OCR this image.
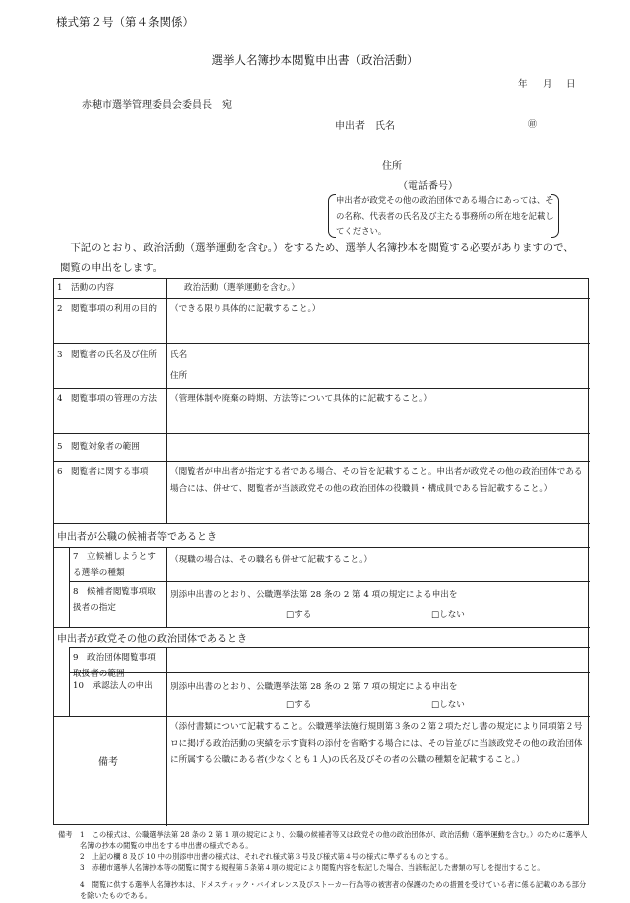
様式第２号（第４条関係）
選挙人名簿抄本閲覧申出書（政治活動）
年 月 日
赤穂市選挙管理委員会委員長　宛
申出者　氏名	㊞
住所
（電話番号）
申出者が政党その他の政治団体である場合にあっては、その名称、代表者の氏名及び主たる事務所の所在地を記載してください。
下記のとおり、政治活動（選挙運動を含む。）をするため、選挙人名簿抄本を閲覧する必要がありますので、閲覧の申出をします。
1　活動の内容	政治活動（選挙運動を含む。）
2　閲覧事項の利用の目的	（できる限り具体的に記載すること。）
3　閲覧者の氏名及び住所	氏名
住所
4　閲覧事項の管理の方法	（管理体制や廃棄の時期、方法等について具体的に記載すること。）
5　閲覧対象者の範囲
6　閲覧者に関する事項	（閲覧者が申出者が指定する者である場合、その旨を記載すること。申出者が政党その他の政治団体である場合には、併せて、閲覧者が当該政党その他の政治団体の役職員・構成員である旨記載すること。）
申出者が公職の候補者等であるとき
7　立候補しようとする選挙の種類
（現職の場合は、その職名も併せて記載すること。）
8　候補者閲覧事項取扱者の指定
別添申出書のとおり、公職選挙法第 28 条の 2 第 4 項の規定による申出を
□する	□しない
申出者が政党その他の政治団体であるとき
9　政治団体閲覧事項取扱者の範囲
10　承認法人の申出	別添申出書のとおり、公職選挙法第 28 条の 2 第 7 項の規定による申出を
□する	□しない
備考
（添付書類について記載すること。公職選挙法施行規則第３条の２第２項ただし書の規定により同項第２号ロに掲げる政治活動の実績を示す資料の添付を省略する場合には、その旨並びに当該政党その他の政治団体に所属する公職にある者(少なくとも１人)の氏名及びその者の公職の種類を記載すること。）
備考 1　この様式は、公職選挙法第 28 条の 2 第 1 項の規定により、公職の候補者等又は政党その他の政治団体が、政治活動（選挙運動を含む。）のために選挙人名簿の抄本の閲覧の申出をする申出書の様式である。
2　上記の欄 8 及び 10 中の別添申出書の様式は、それぞれ様式第３号及び様式第４号の様式に準ずるものとする。
3　赤穂市選挙人名簿抄本等の閲覧に関する規程第５条第４項の規定により閲覧内容を転記した場合、当該転記した書類の写しを提出すること。
4　閲覧に供する選挙人名簿抄本は、ドメスティック・バイオレンス及びストーカー行為等の被害者の保護のための措置を受けている者に係る記載のある部分を除いたものである。
